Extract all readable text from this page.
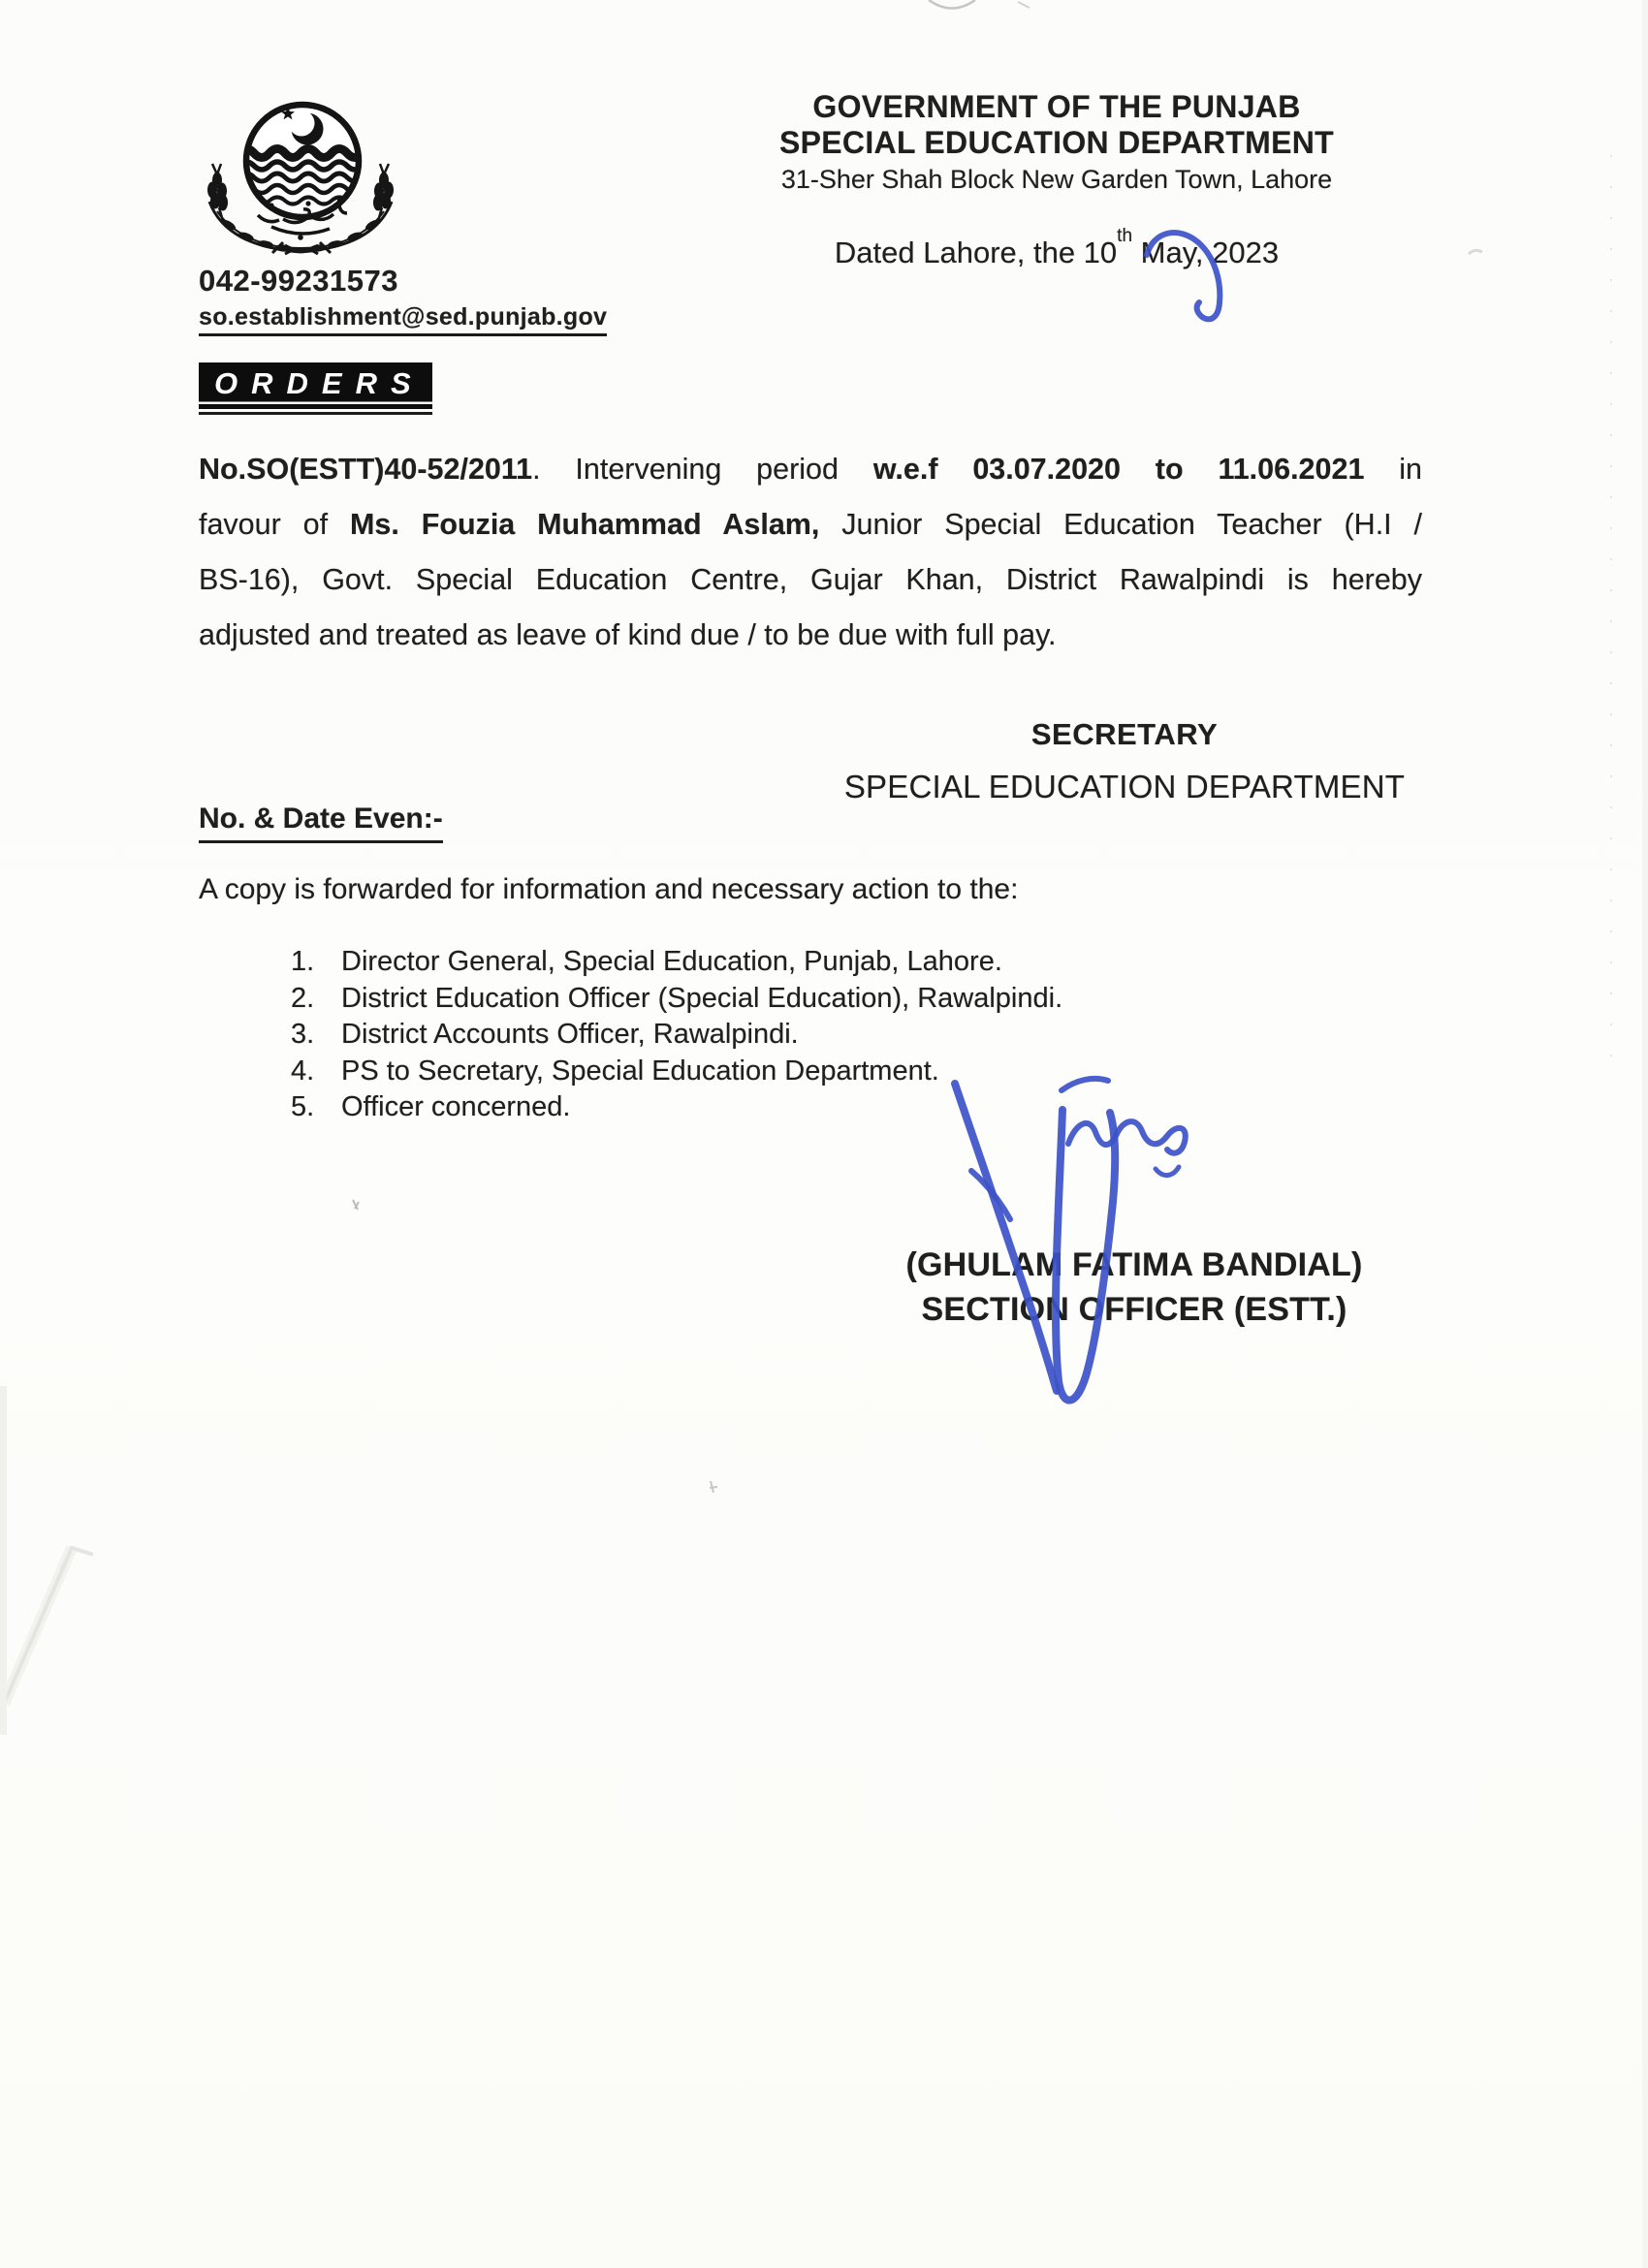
042-99231573
so.establishment@sed.punjab.gov
GOVERNMENT OF THE PUNJAB
SPECIAL EDUCATION DEPARTMENT
31-Sher Shah Block New Garden Town, Lahore
Dated Lahore, the 10th May, 2023
ORDERS
No.SO(ESTT)40-52/2011. Intervening period w.e.f 03.07.2020 to 11.06.2021 in
favour of Ms. Fouzia Muhammad Aslam, Junior Special Education Teacher (H.I /
BS-16), Govt. Special Education Centre, Gujar Khan, District Rawalpindi is hereby
adjusted and treated as leave of kind due / to be due with full pay.
SECRETARY
SPECIAL EDUCATION DEPARTMENT
No. & Date Even:-
A copy is forwarded for information and necessary action to the:
1. Director General, Special Education, Punjab, Lahore.
2. District Education Officer (Special Education), Rawalpindi.
3. District Accounts Officer, Rawalpindi.
4. PS to Secretary, Special Education Department.
5. Officer concerned.
(GHULAM FATIMA BANDIAL)
SECTION OFFICER (ESTT.)
